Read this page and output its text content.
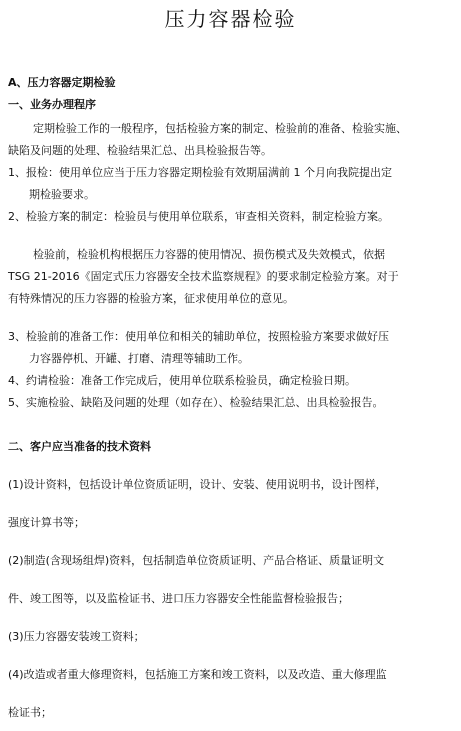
压力容器检验
A、压力容器定期检验
一、业务办理程序
定期检验工作的一般程序，包括检验方案的制定、检验前的准备、检验实施、
缺陷及问题的处理、检验结果汇总、出具检验报告等。
1、报检：使用单位应当于压力容器定期检验有效期届满前 1 个月向我院提出定
期检验要求。
2、检验方案的制定：检验员与使用单位联系，审查相关资料，制定检验方案。
检验前，检验机构根据压力容器的使用情况、损伤模式及失效模式，依据
TSG 21-2016《固定式压力容器安全技术监察规程》的要求制定检验方案。对于
有特殊情况的压力容器的检验方案，征求使用单位的意见。
3、检验前的准备工作：使用单位和相关的辅助单位，按照检验方案要求做好压
力容器停机、开罐、打磨、清理等辅助工作。
4、约请检验：准备工作完成后，使用单位联系检验员，确定检验日期。
5、实施检验、缺陷及问题的处理（如存在）、检验结果汇总、出具检验报告。
二、客户应当准备的技术资料
(1)设计资料，包括设计单位资质证明，设计、安装、使用说明书，设计图样，
强度计算书等；
(2)制造(含现场组焊)资料，包括制造单位资质证明、产品合格证、质量证明文
件、竣工图等，以及监检证书、进口压力容器安全性能监督检验报告；
(3)压力容器安装竣工资料；
(4)改造或者重大修理资料，包括施工方案和竣工资料，以及改造、重大修理监
检证书；
